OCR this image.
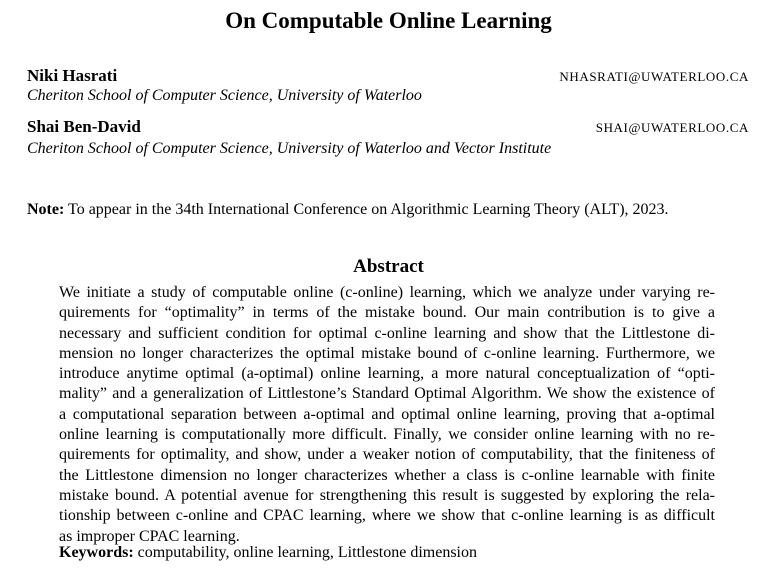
On Computable Online Learning
Niki Hasrati	NHASRATI@UWATERLOO.CA
Cheriton School of Computer Science, University of Waterloo
Shai Ben-David	SHAI@UWATERLOO.CA
Cheriton School of Computer Science, University of Waterloo and Vector Institute
Note: To appear in the 34th International Conference on Algorithmic Learning Theory (ALT), 2023.
Abstract
We initiate a study of computable online (c-online) learning, which we analyze under varying re-
quirements for “optimality” in terms of the mistake bound. Our main contribution is to give a
necessary and sufficient condition for optimal c-online learning and show that the Littlestone di-
mension no longer characterizes the optimal mistake bound of c-online learning. Furthermore, we
introduce anytime optimal (a-optimal) online learning, a more natural conceptualization of “opti-
mality” and a generalization of Littlestone’s Standard Optimal Algorithm. We show the existence of
a computational separation between a-optimal and optimal online learning, proving that a-optimal
online learning is computationally more difficult. Finally, we consider online learning with no re-
quirements for optimality, and show, under a weaker notion of computability, that the finiteness of
the Littlestone dimension no longer characterizes whether a class is c-online learnable with finite
mistake bound. A potential avenue for strengthening this result is suggested by exploring the rela-
tionship between c-online and CPAC learning, where we show that c-online learning is as difficult
as improper CPAC learning.
Keywords: computability, online learning, Littlestone dimension
